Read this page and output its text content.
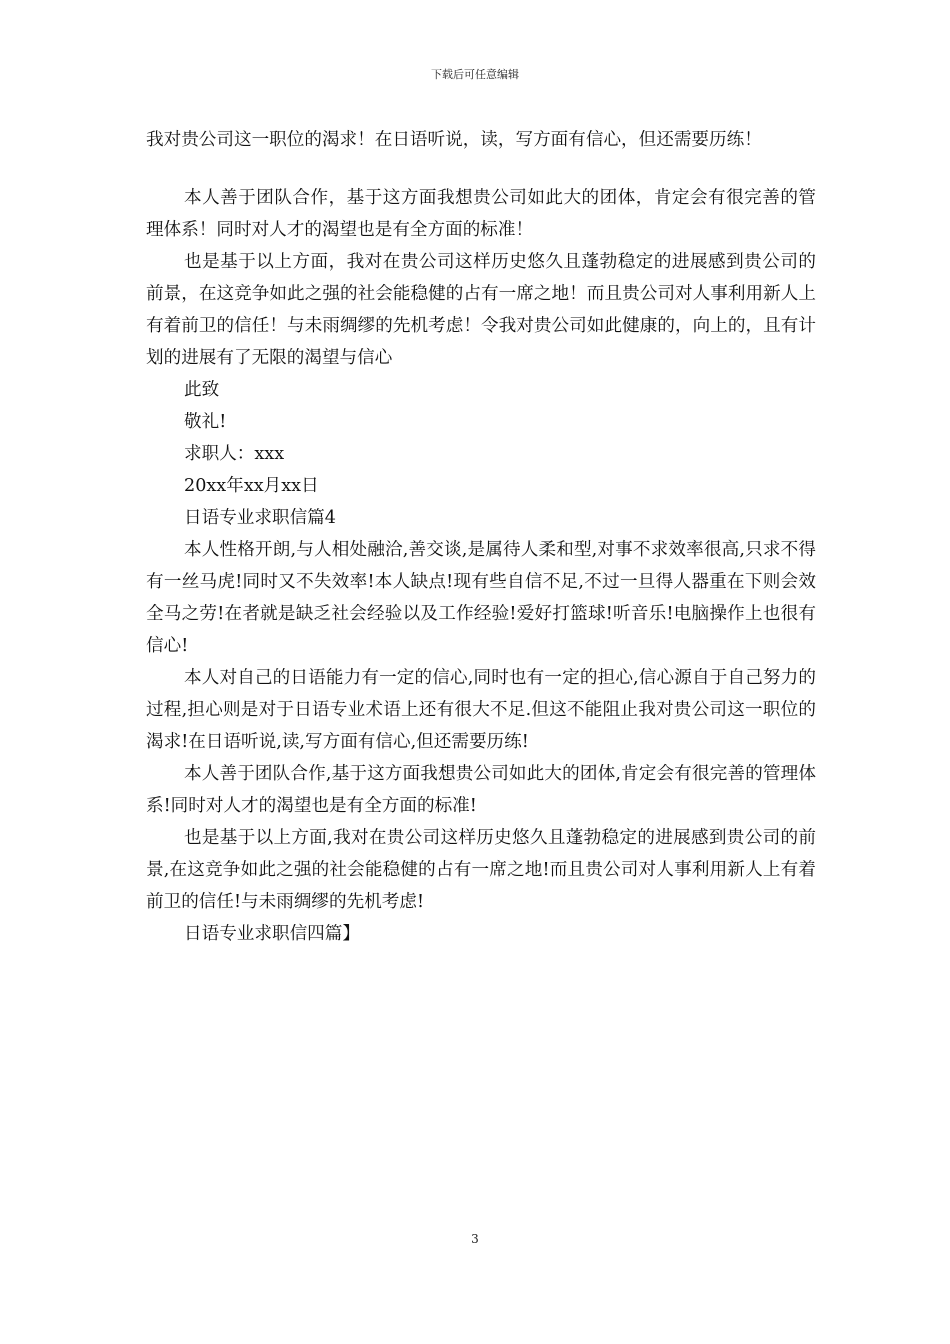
下载后可任意编辑

我对贵公司这一职位的渴求！在日语听说，读，写方面有信心，但还需要历练！

本人善于团队合作，基于这方面我想贵公司如此大的团体，肯定会有很完善的管理体系！同时对人才的渴望也是有全方面的标准！

也是基于以上方面，我对在贵公司这样历史悠久且蓬勃稳定的进展感到贵公司的前景，在这竞争如此之强的社会能稳健的占有一席之地！而且贵公司对人事利用新人上有着前卫的信任！与未雨绸缪的先机考虑！令我对贵公司如此健康的，向上的，且有计划的进展有了无限的渴望与信心

此致

敬礼!

求职人：xxx

20xx年xx月xx日

日语专业求职信篇4

本人性格开朗,与人相处融洽,善交谈,是属待人柔和型,对事不求效率很高,只求不得有一丝马虎!同时又不失效率!本人缺点!现有些自信不足,不过一旦得人器重在下则会效全马之劳!在者就是缺乏社会经验以及工作经验!爱好打篮球!听音乐!电脑操作上也很有信心!

本人对自己的日语能力有一定的信心,同时也有一定的担心,信心源自于自己努力的过程,担心则是对于日语专业术语上还有很大不足.但这不能阻止我对贵公司这一职位的渴求!在日语听说,读,写方面有信心,但还需要历练!

本人善于团队合作,基于这方面我想贵公司如此大的团体,肯定会有很完善的管理体系!同时对人才的渴望也是有全方面的标准!

也是基于以上方面,我对在贵公司这样历史悠久且蓬勃稳定的进展感到贵公司的前景,在这竞争如此之强的社会能稳健的占有一席之地!而且贵公司对人事利用新人上有着前卫的信任!与未雨绸缪的先机考虑!

日语专业求职信四篇】

3
